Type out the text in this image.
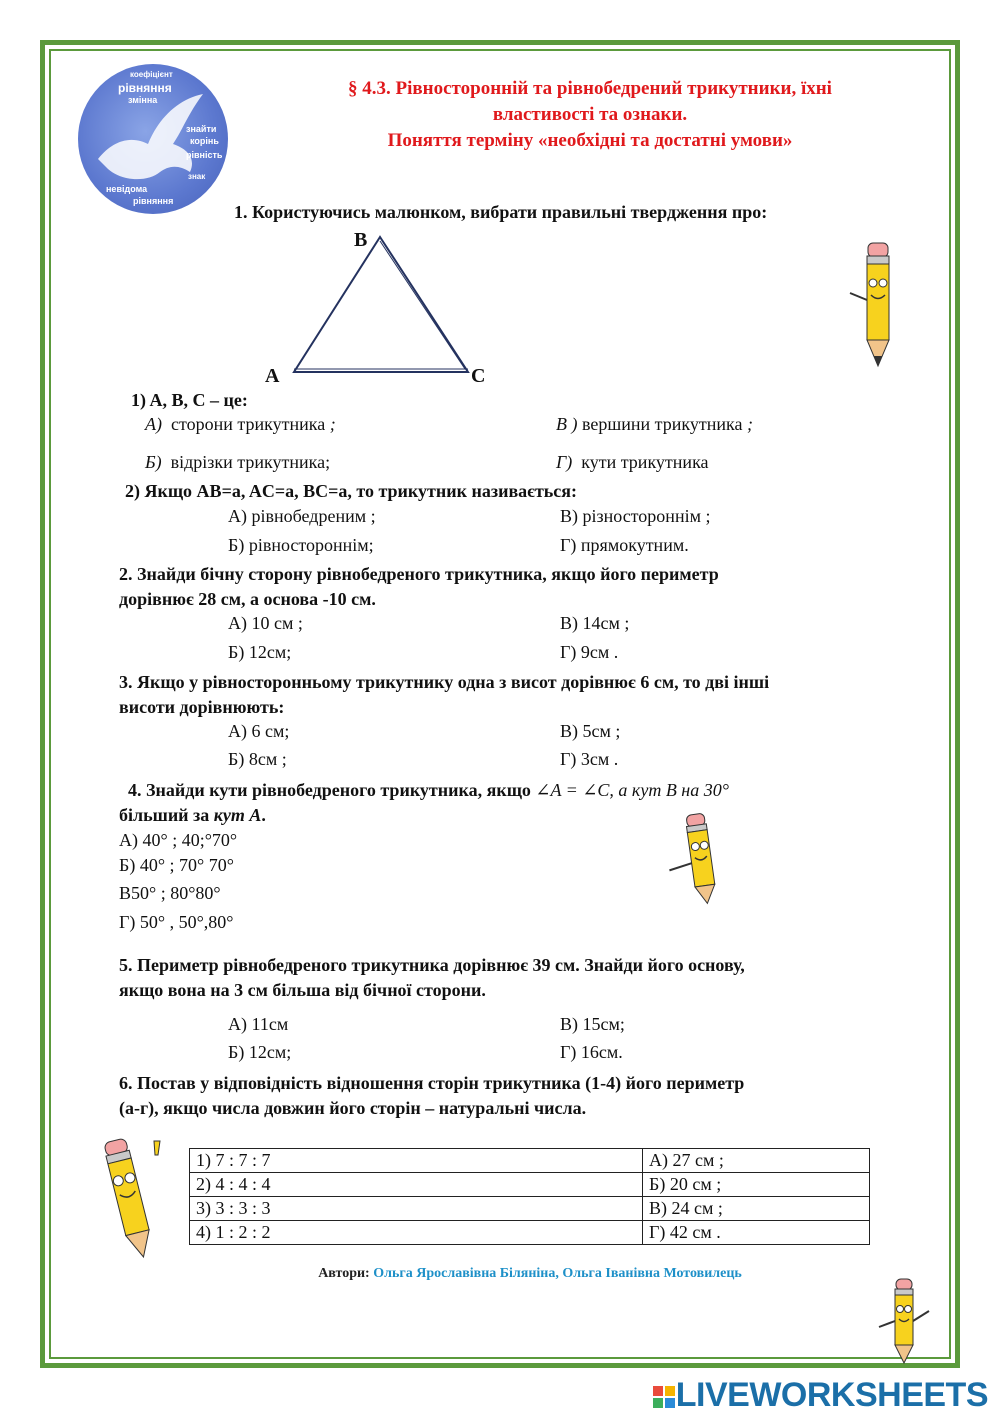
коефіцієнт
рівняння
змінна
знайти
корінь
рівність
знак
невідома
рівняння
§ 4.3. Рівносторонній та рівнобедрений трикутники, їхні
властивості та ознаки.
Поняття терміну «необхідні та достатні умови»
1. Користуючись малюнком, вибрати правильні твердження про:
B
A	C
1) A, B, C – це:
А) сторони трикутника ;	В ) вершини трикутника ;
Б) відрізки трикутника;	Г) кути трикутника
2) Якщо AB=a, AC=a, BC=a, то трикутник називається:
А) рівнобедреним ;	В) різностороннім ;
Б) рівностороннім;	Г) прямокутним.
2. Знайди бічну сторону рівнобедреного трикутника, якщо його периметр
дорівнює 28 см, а основа -10 см.
А) 10 см ;	В) 14см ;
Б) 12см;	Г) 9см .
3. Якщо у рівносторонньому трикутнику одна з висот дорівнює 6 см, то дві інші
висоти дорівнюють:
А) 6 см;	В) 5см ;
Б) 8см ;	Г) 3см .
4. Знайди кути рівнобедреного трикутника, якщо ∠A = ∠C, a кут B на 30°
більший за кут A.
А) 40° ; 40;°70°
Б) 40° ; 70° 70°
В50° ; 80°80°
Г) 50° , 50°,80°
5. Периметр рівнобедреного трикутника дорівнює 39 см. Знайди його основу,
якщо вона на 3 см більша від бічної сторони.
А) 11см	В) 15см;
Б) 12см;	Г) 16см.
6. Постав у відповідність відношення сторін трикутника (1-4) його периметр
(а-г), якщо числа довжин його сторін – натуральні числа.
1) 7 : 7 : 7	А) 27 см ;
2) 4 : 4 : 4	Б) 20 см ;
3) 3 : 3 : 3	В) 24 см ;
4) 1 : 2 : 2	Г) 42 см .
Автори: Ольга Ярославівна Біляніна, Ольга Іванівна Мотовилець

LIVEWORKSHEETS
